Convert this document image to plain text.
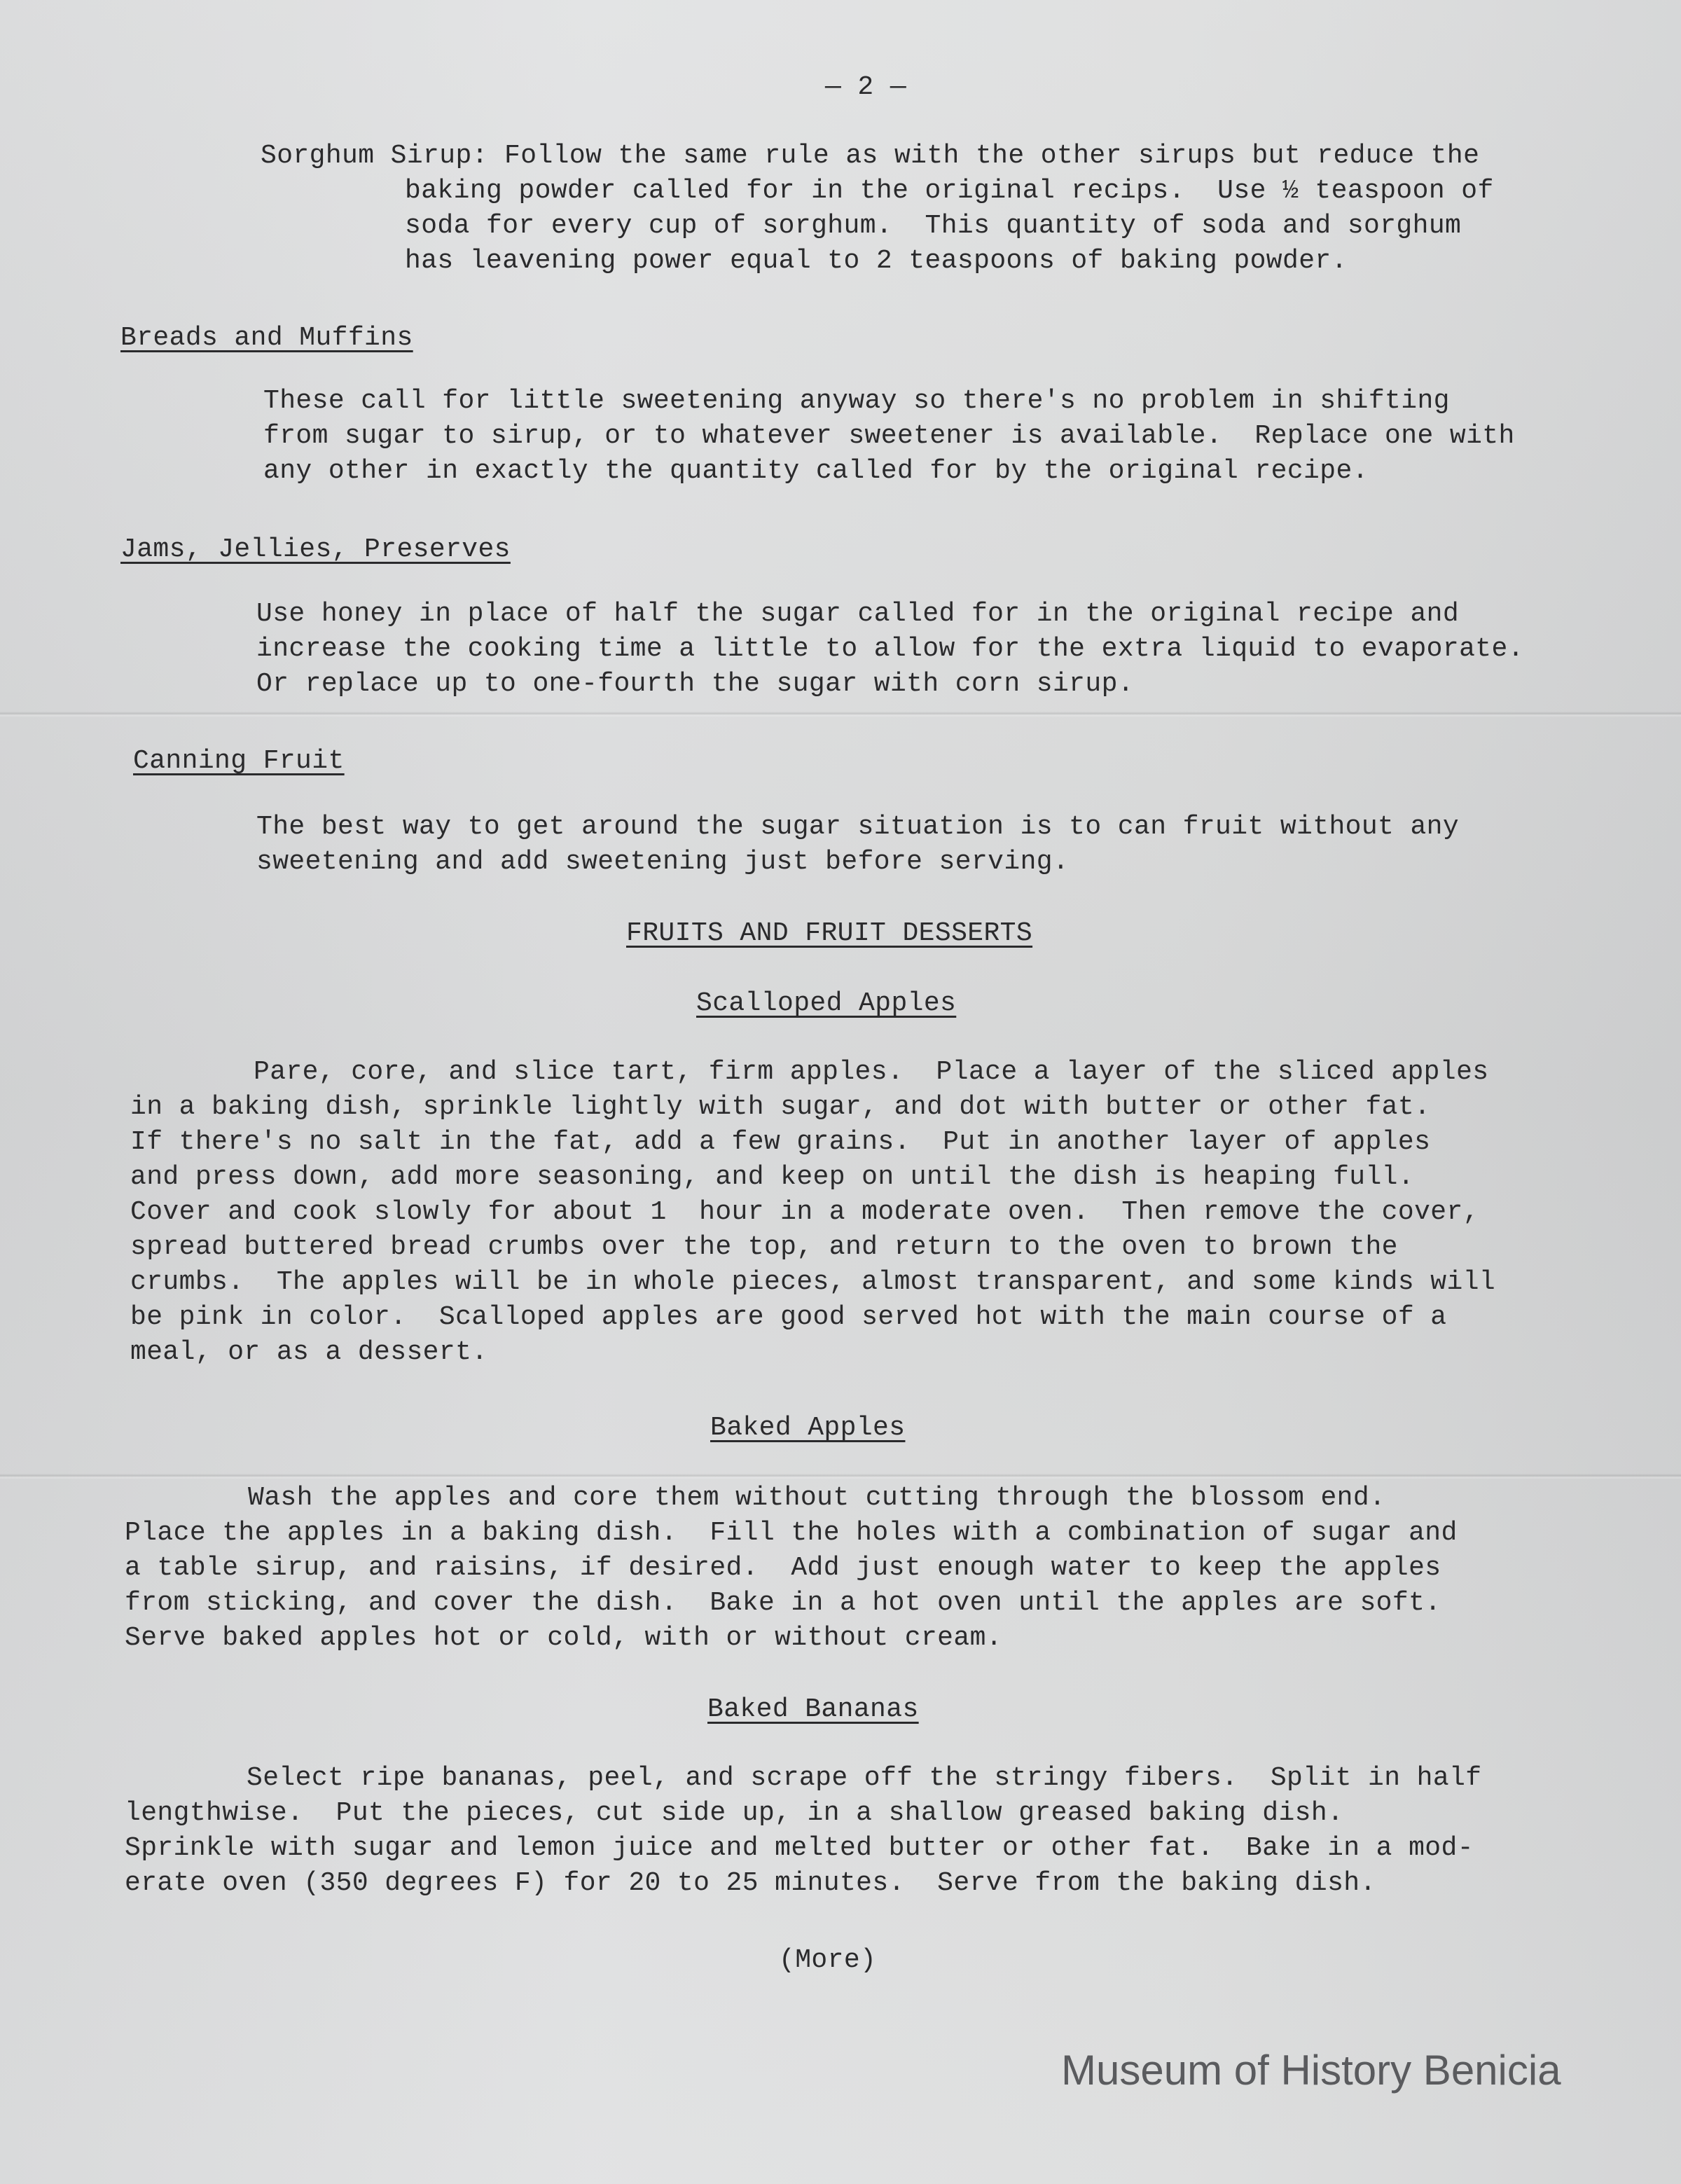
— 2 —
Sorghum Sirup: Follow the same rule as with the other sirups but reduce the
baking powder called for in the original recips.  Use ½ teaspoon of
soda for every cup of sorghum.  This quantity of soda and sorghum
has leavening power equal to 2 teaspoons of baking powder.
Breads and Muffins
These call for little sweetening anyway so there's no problem in shifting
from sugar to sirup, or to whatever sweetener is available.  Replace one with
any other in exactly the quantity called for by the original recipe.
Jams, Jellies, Preserves
Use honey in place of half the sugar called for in the original recipe and
increase the cooking time a little to allow for the extra liquid to evaporate.
Or replace up to one-fourth the sugar with corn sirup.
Canning Fruit
The best way to get around the sugar situation is to can fruit without any
sweetening and add sweetening just before serving.
FRUITS AND FRUIT DESSERTS
Scalloped Apples
Pare, core, and slice tart, firm apples.  Place a layer of the sliced apples
in a baking dish, sprinkle lightly with sugar, and dot with butter or other fat.
If there's no salt in the fat, add a few grains.  Put in another layer of apples
and press down, add more seasoning, and keep on until the dish is heaping full.
Cover and cook slowly for about 1  hour in a moderate oven.  Then remove the cover,
spread buttered bread crumbs over the top, and return to the oven to brown the
crumbs.  The apples will be in whole pieces, almost transparent, and some kinds will
be pink in color.  Scalloped apples are good served hot with the main course of a
meal, or as a dessert.
Baked Apples
Wash the apples and core them without cutting through the blossom end.
Place the apples in a baking dish.  Fill the holes with a combination of sugar and
a table sirup, and raisins, if desired.  Add just enough water to keep the apples
from sticking, and cover the dish.  Bake in a hot oven until the apples are soft.
Serve baked apples hot or cold, with or without cream.
Baked Bananas
Select ripe bananas, peel, and scrape off the stringy fibers.  Split in half
lengthwise.  Put the pieces, cut side up, in a shallow greased baking dish.
Sprinkle with sugar and lemon juice and melted butter or other fat.  Bake in a mod-
erate oven (350 degrees F) for 20 to 25 minutes.  Serve from the baking dish.
(More)
Museum of History Benicia
